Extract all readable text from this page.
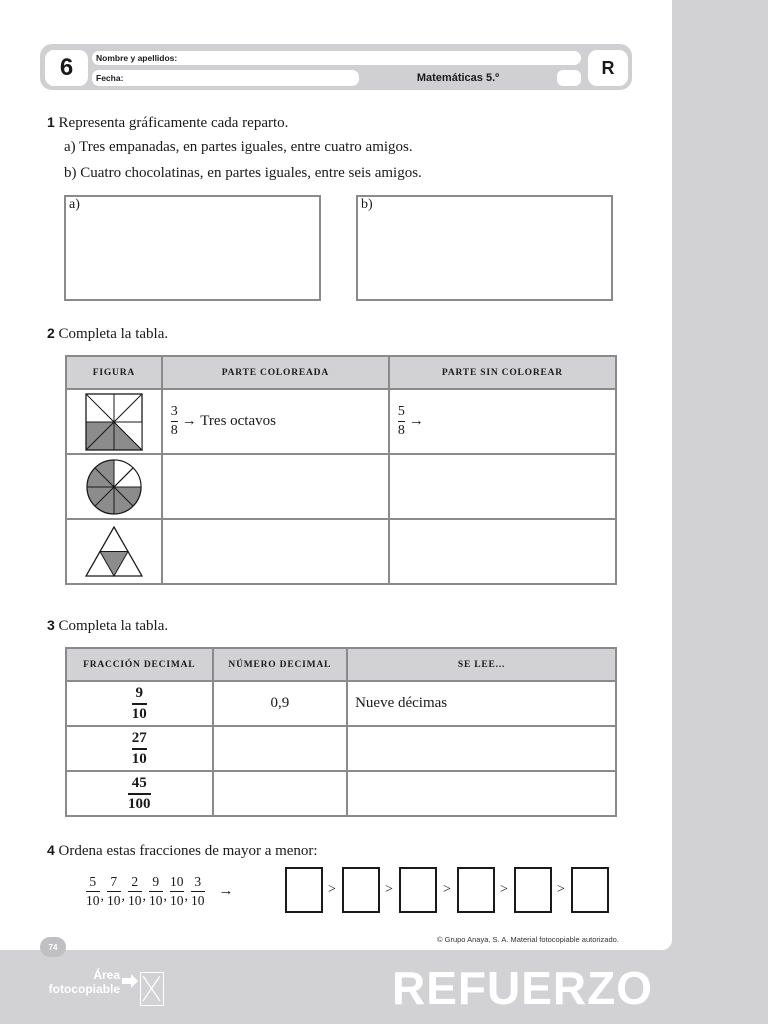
6	Nombre y apellidos:
Fecha:	Matemáticas 5.º
R
1 Representa gráficamente cada reparto.
a) Tres empanadas, en partes iguales, entre cuatro amigos.
b) Cuatro chocolatinas, en partes iguales, entre seis amigos.
a)	b)
2 Completa la tabla.
FIGURA	PARTE COLOREADA	PARTE SIN COLOREAR

$\frac{3}{8}$ → Tres octavos	$\frac{5}{8}$ →

3 Completa la tabla.
FRACCIÓN DECIMAL	NÚMERO DECIMAL	SE LEE...

$\frac{9}{10}$	0,9	Nueve décimas

$\frac{27}{10}$

$\frac{45}{100}$

4 Ordena estas fracciones de mayor a menor:
$\frac{5}{10}$ , $\frac{7}{10}$ , $\frac{2}{10}$ , $\frac{9}{10}$ , $\frac{10}{10}$ , $\frac{3}{10}$ →	>	>	>	>	>
© Grupo Anaya, S. A. Material fotocopiable autorizado.
74
Área
fotocopiable	REFUERZO
